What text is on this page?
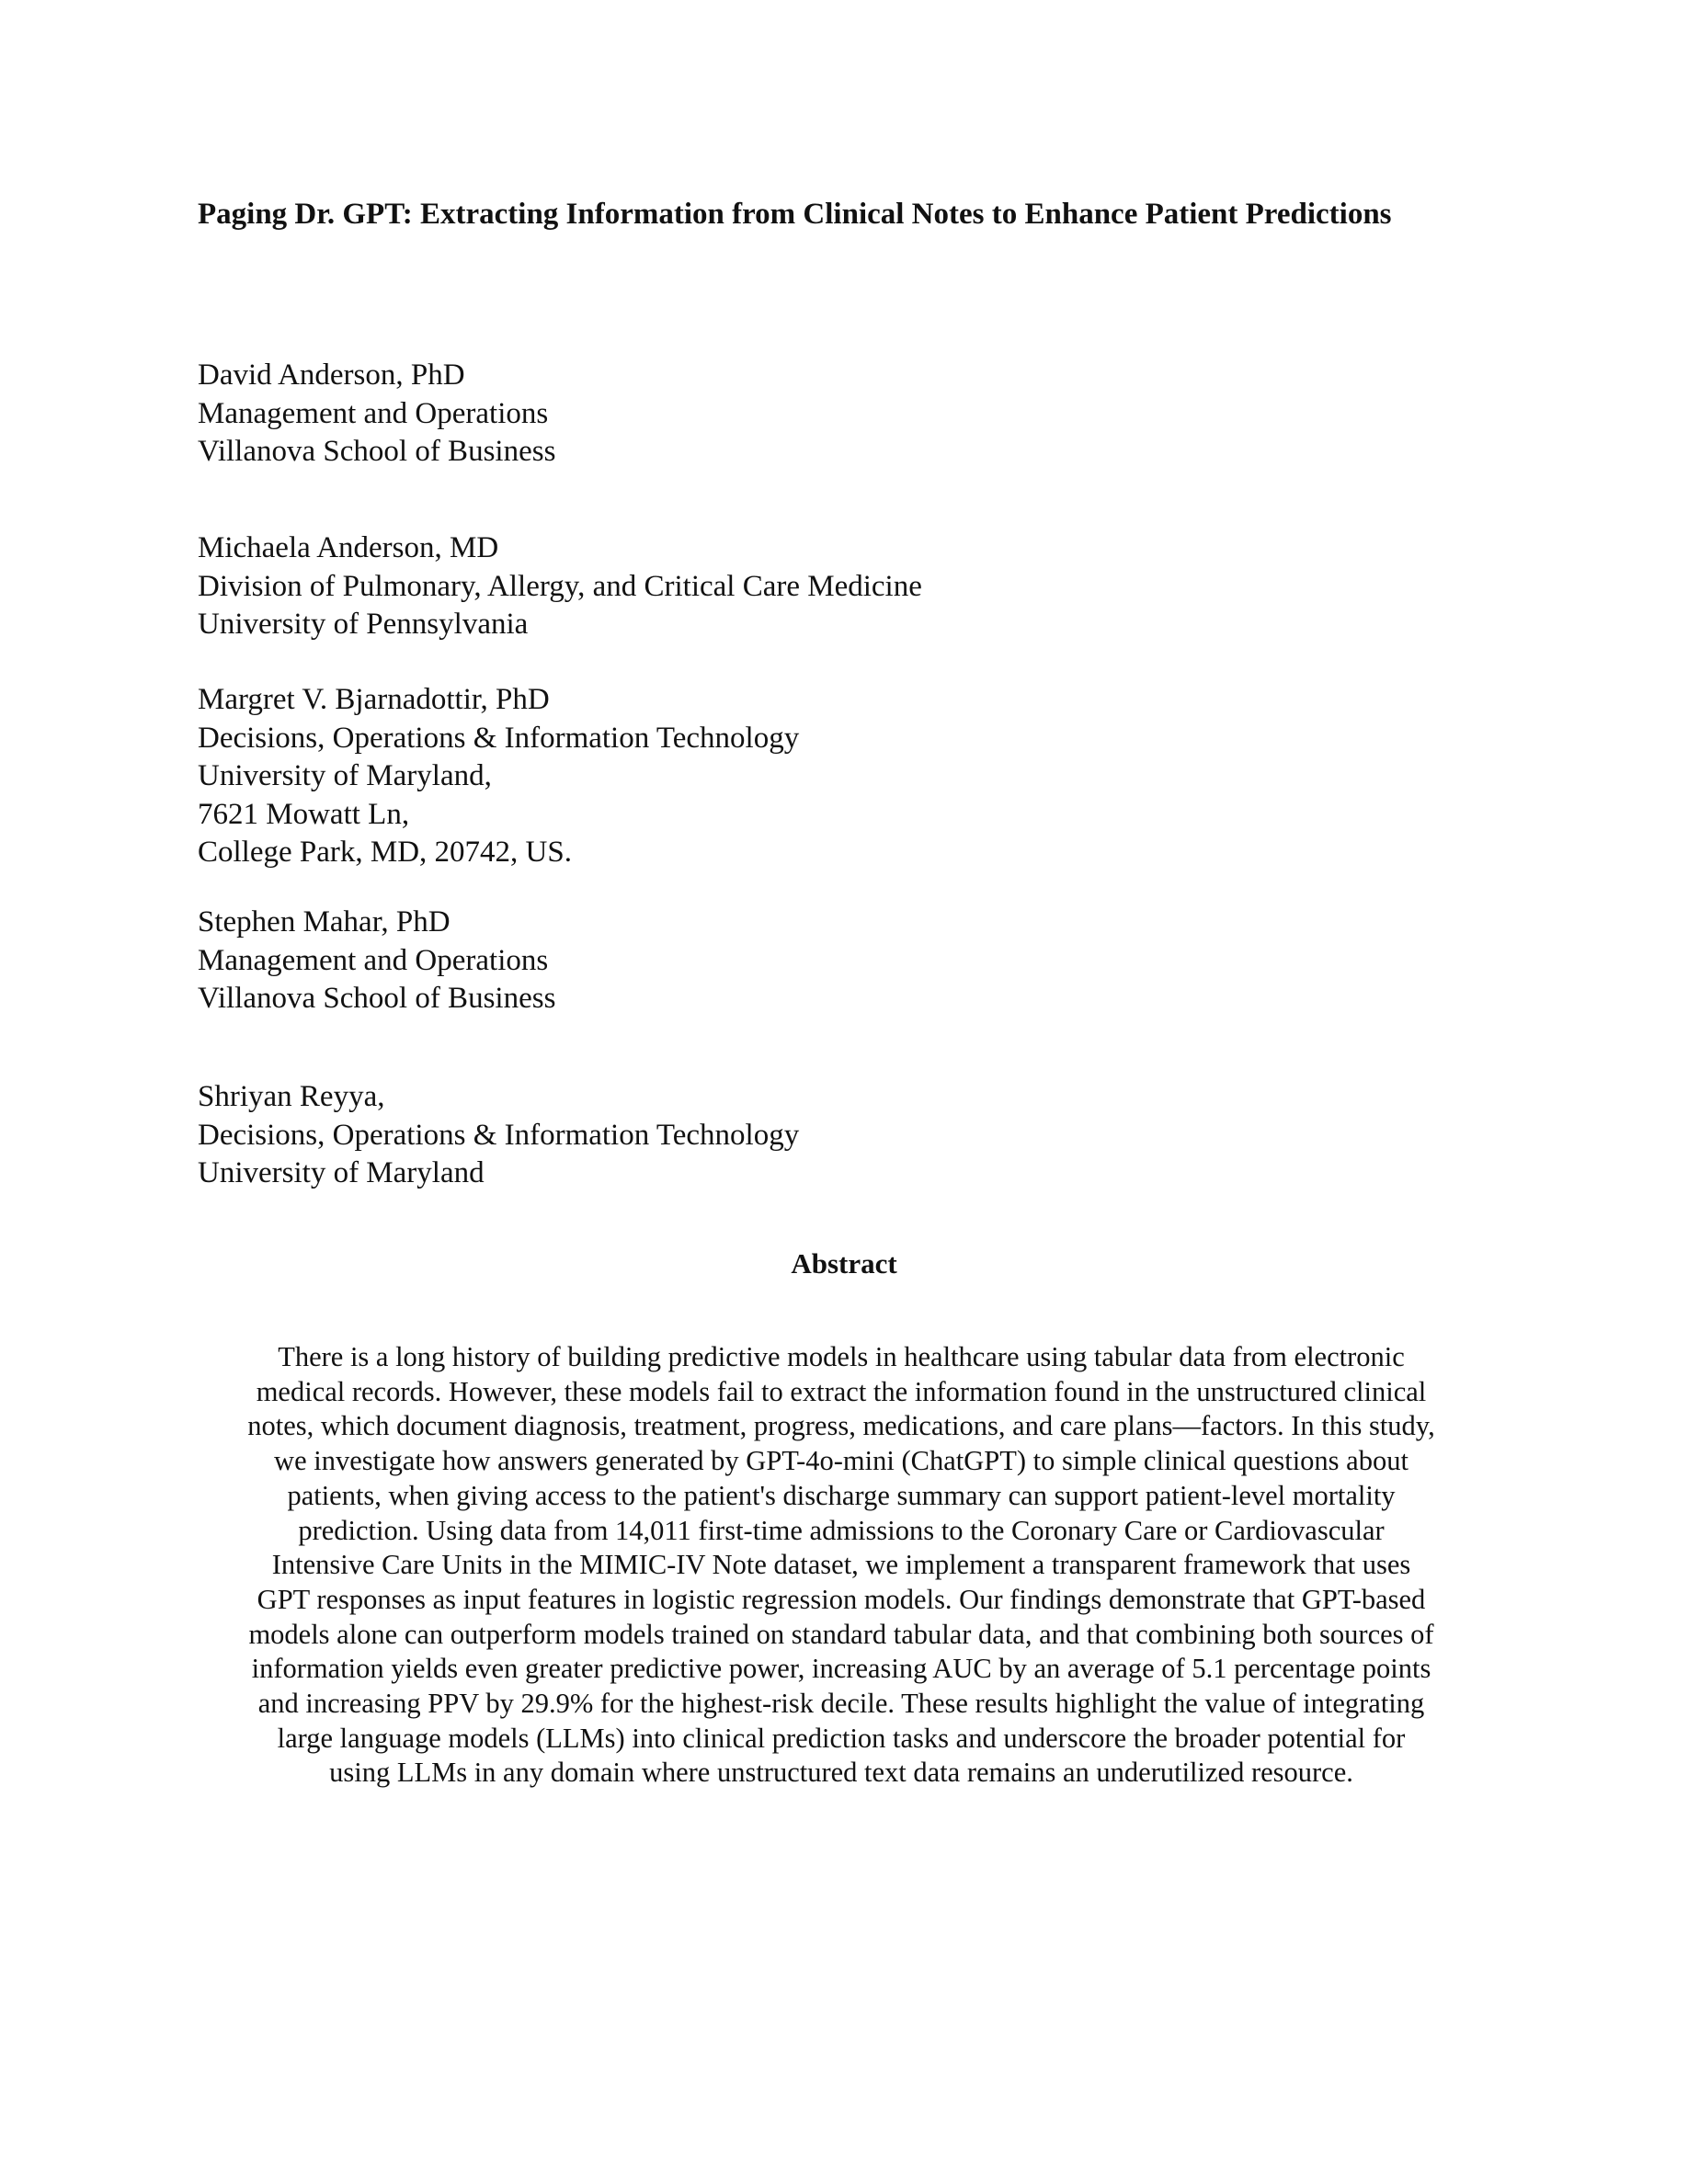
Paging Dr. GPT: Extracting Information from Clinical Notes to Enhance Patient Predictions
David Anderson, PhD
Management and Operations
Villanova School of Business
Michaela Anderson, MD
Division of Pulmonary, Allergy, and Critical Care Medicine
University of Pennsylvania
Margret V. Bjarnadottir, PhD
Decisions, Operations & Information Technology
University of Maryland,
7621 Mowatt Ln,
College Park, MD, 20742, US.
Stephen Mahar, PhD
Management and Operations
Villanova School of Business
Shriyan Reyya,
Decisions, Operations & Information Technology
University of Maryland
Abstract
There is a long history of building predictive models in healthcare using tabular data from electronic
medical records. However, these models fail to extract the information found in the unstructured clinical
notes, which document diagnosis, treatment, progress, medications, and care plans—factors. In this study,
we investigate how answers generated by GPT-4o-mini (ChatGPT) to simple clinical questions about
patients, when giving access to the patient's discharge summary can support patient-level mortality
prediction. Using data from 14,011 first-time admissions to the Coronary Care or Cardiovascular
Intensive Care Units in the MIMIC-IV Note dataset, we implement a transparent framework that uses
GPT responses as input features in logistic regression models. Our findings demonstrate that GPT-based
models alone can outperform models trained on standard tabular data, and that combining both sources of
information yields even greater predictive power, increasing AUC by an average of 5.1 percentage points
and increasing PPV by 29.9% for the highest-risk decile. These results highlight the value of integrating
large language models (LLMs) into clinical prediction tasks and underscore the broader potential for
using LLMs in any domain where unstructured text data remains an underutilized resource.
